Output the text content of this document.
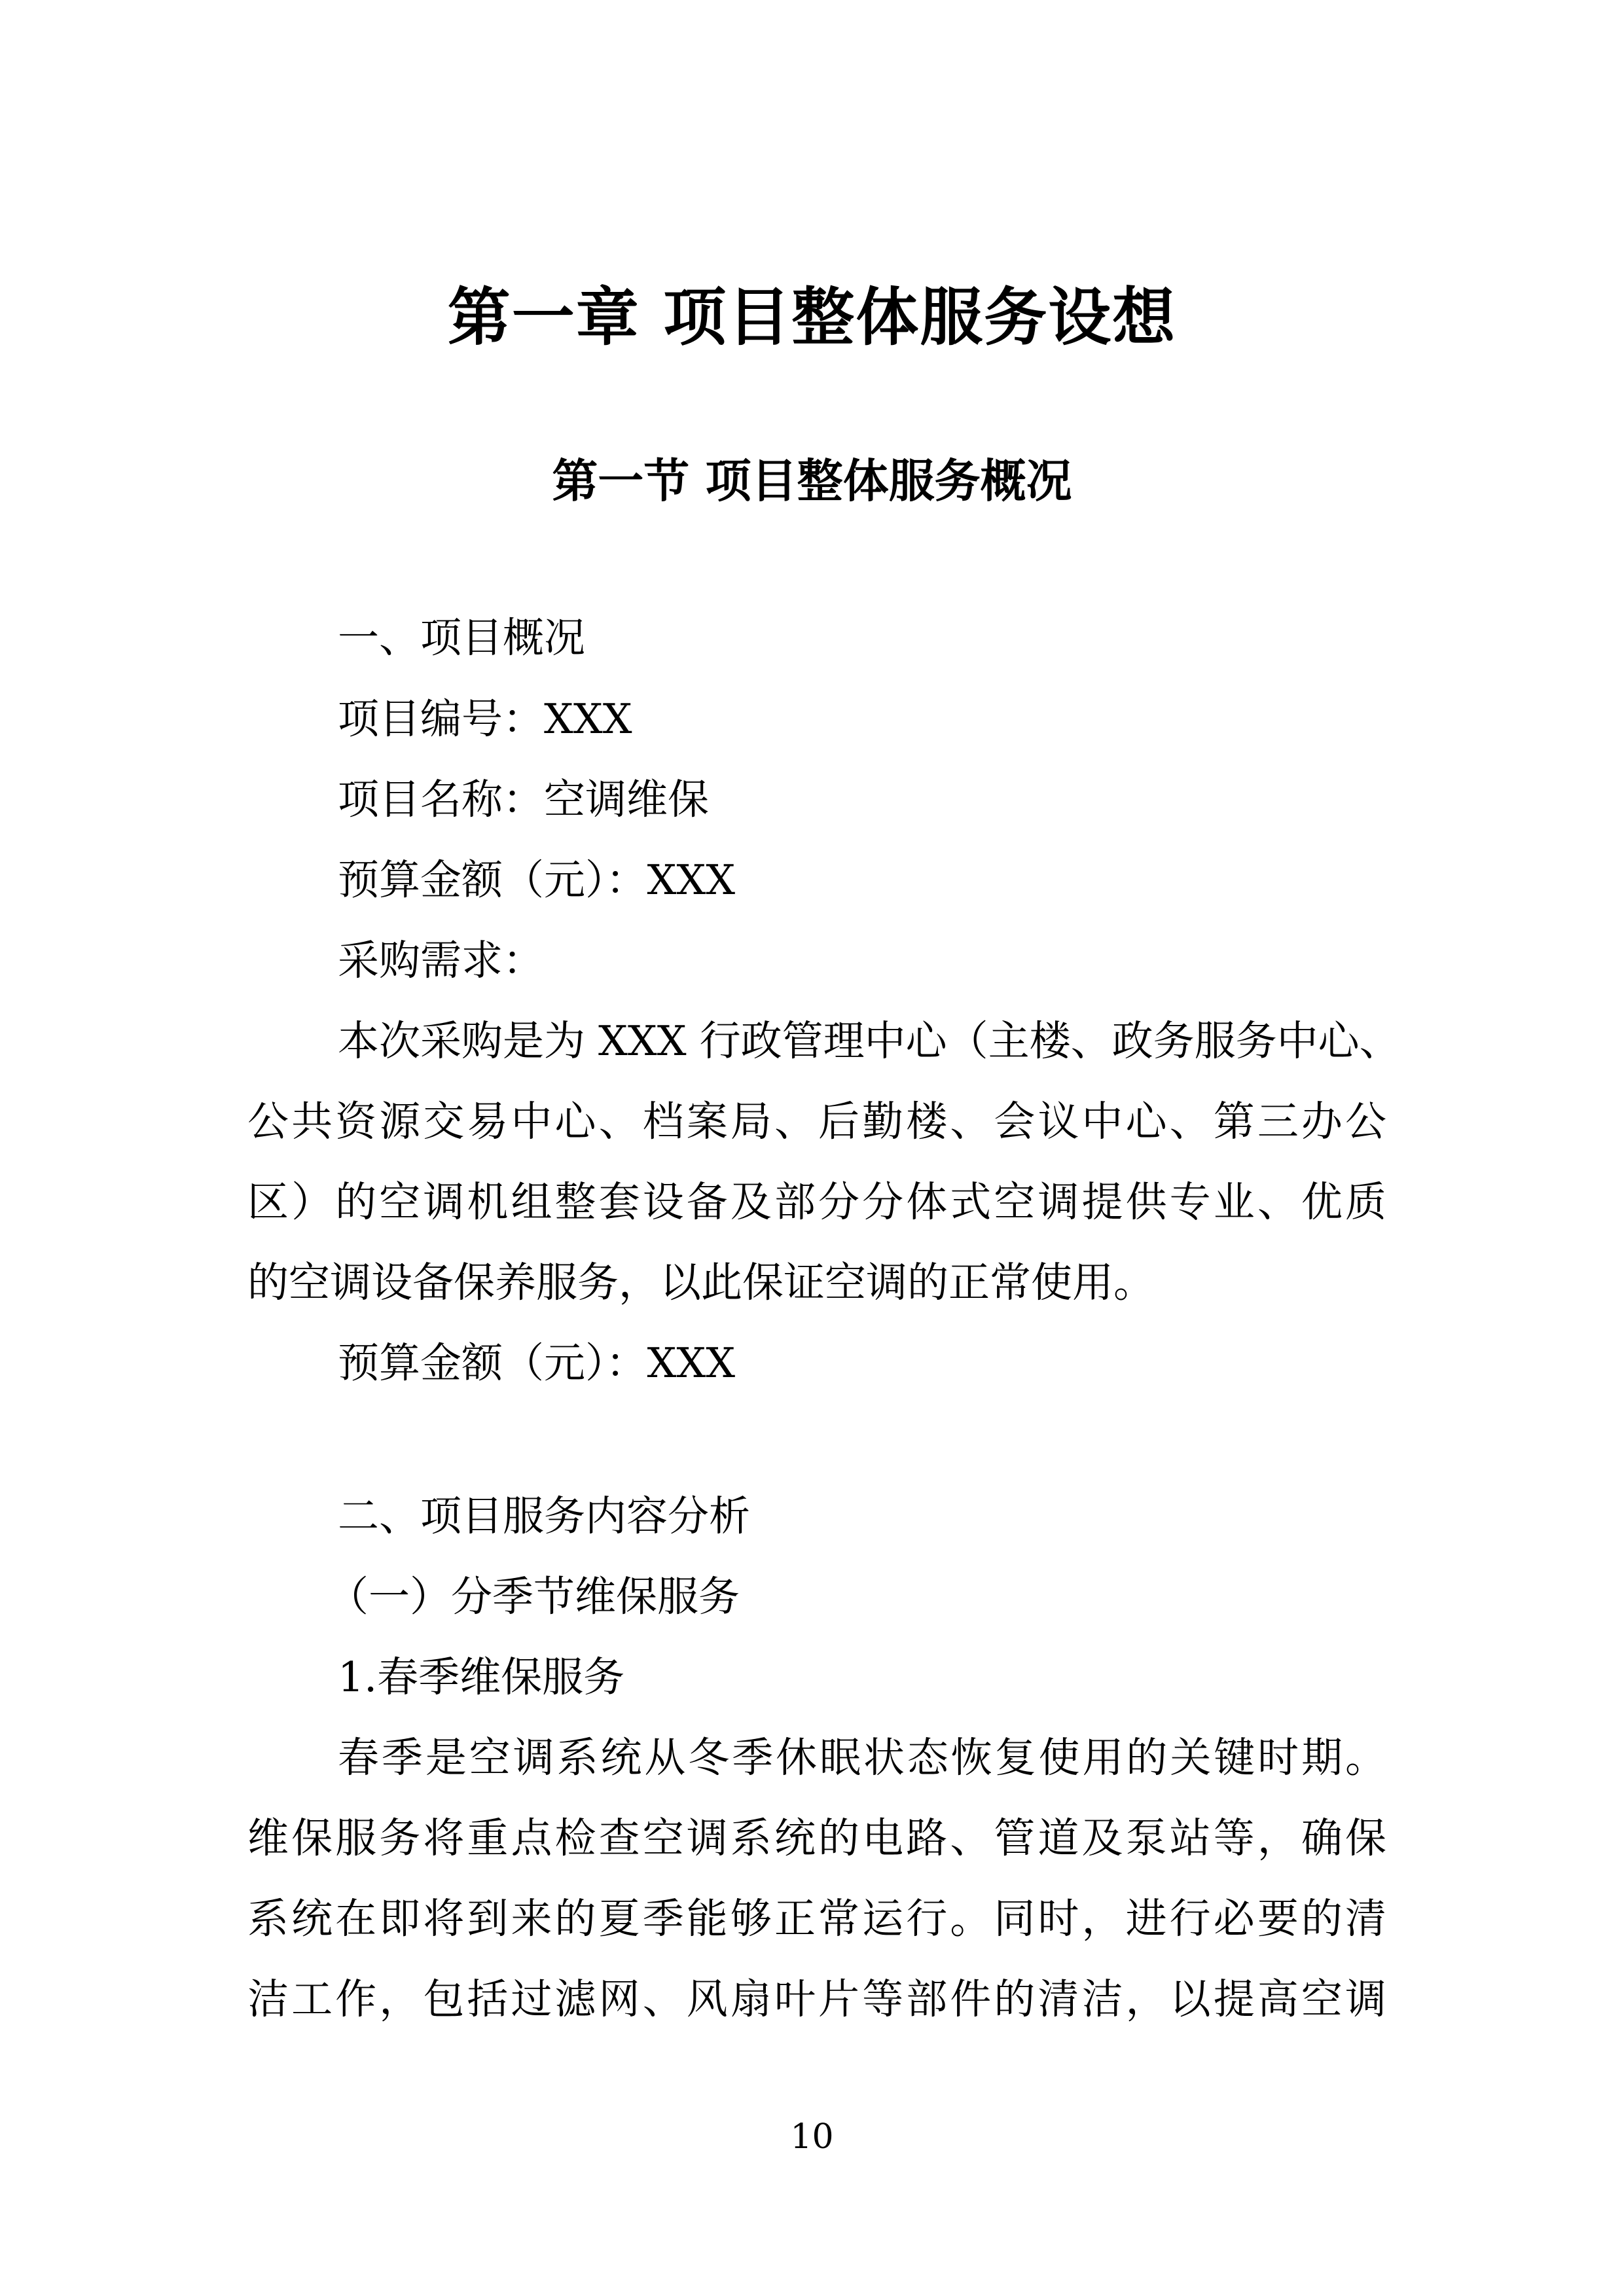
第一章 项目整体服务设想
第一节 项目整体服务概况
一、项目概况
项目编号：XXX
项目名称：空调维保
预算金额（元）：XXX
采购需求：
本次采购是为 XXX 行政管理中心（主楼、政务服务中心、
公共资源交易中心、档案局、后勤楼、会议中心、第三办公
区）的空调机组整套设备及部分分体式空调提供专业、优质
的空调设备保养服务，以此保证空调的正常使用。
预算金额（元）：XXX
二、项目服务内容分析
（一）分季节维保服务
1.春季维保服务
春季是空调系统从冬季休眠状态恢复使用的关键时期。
维保服务将重点检查空调系统的电路、管道及泵站等，确保
系统在即将到来的夏季能够正常运行。同时，进行必要的清
洁工作，包括过滤网、风扇叶片等部件的清洁，以提高空调
10
